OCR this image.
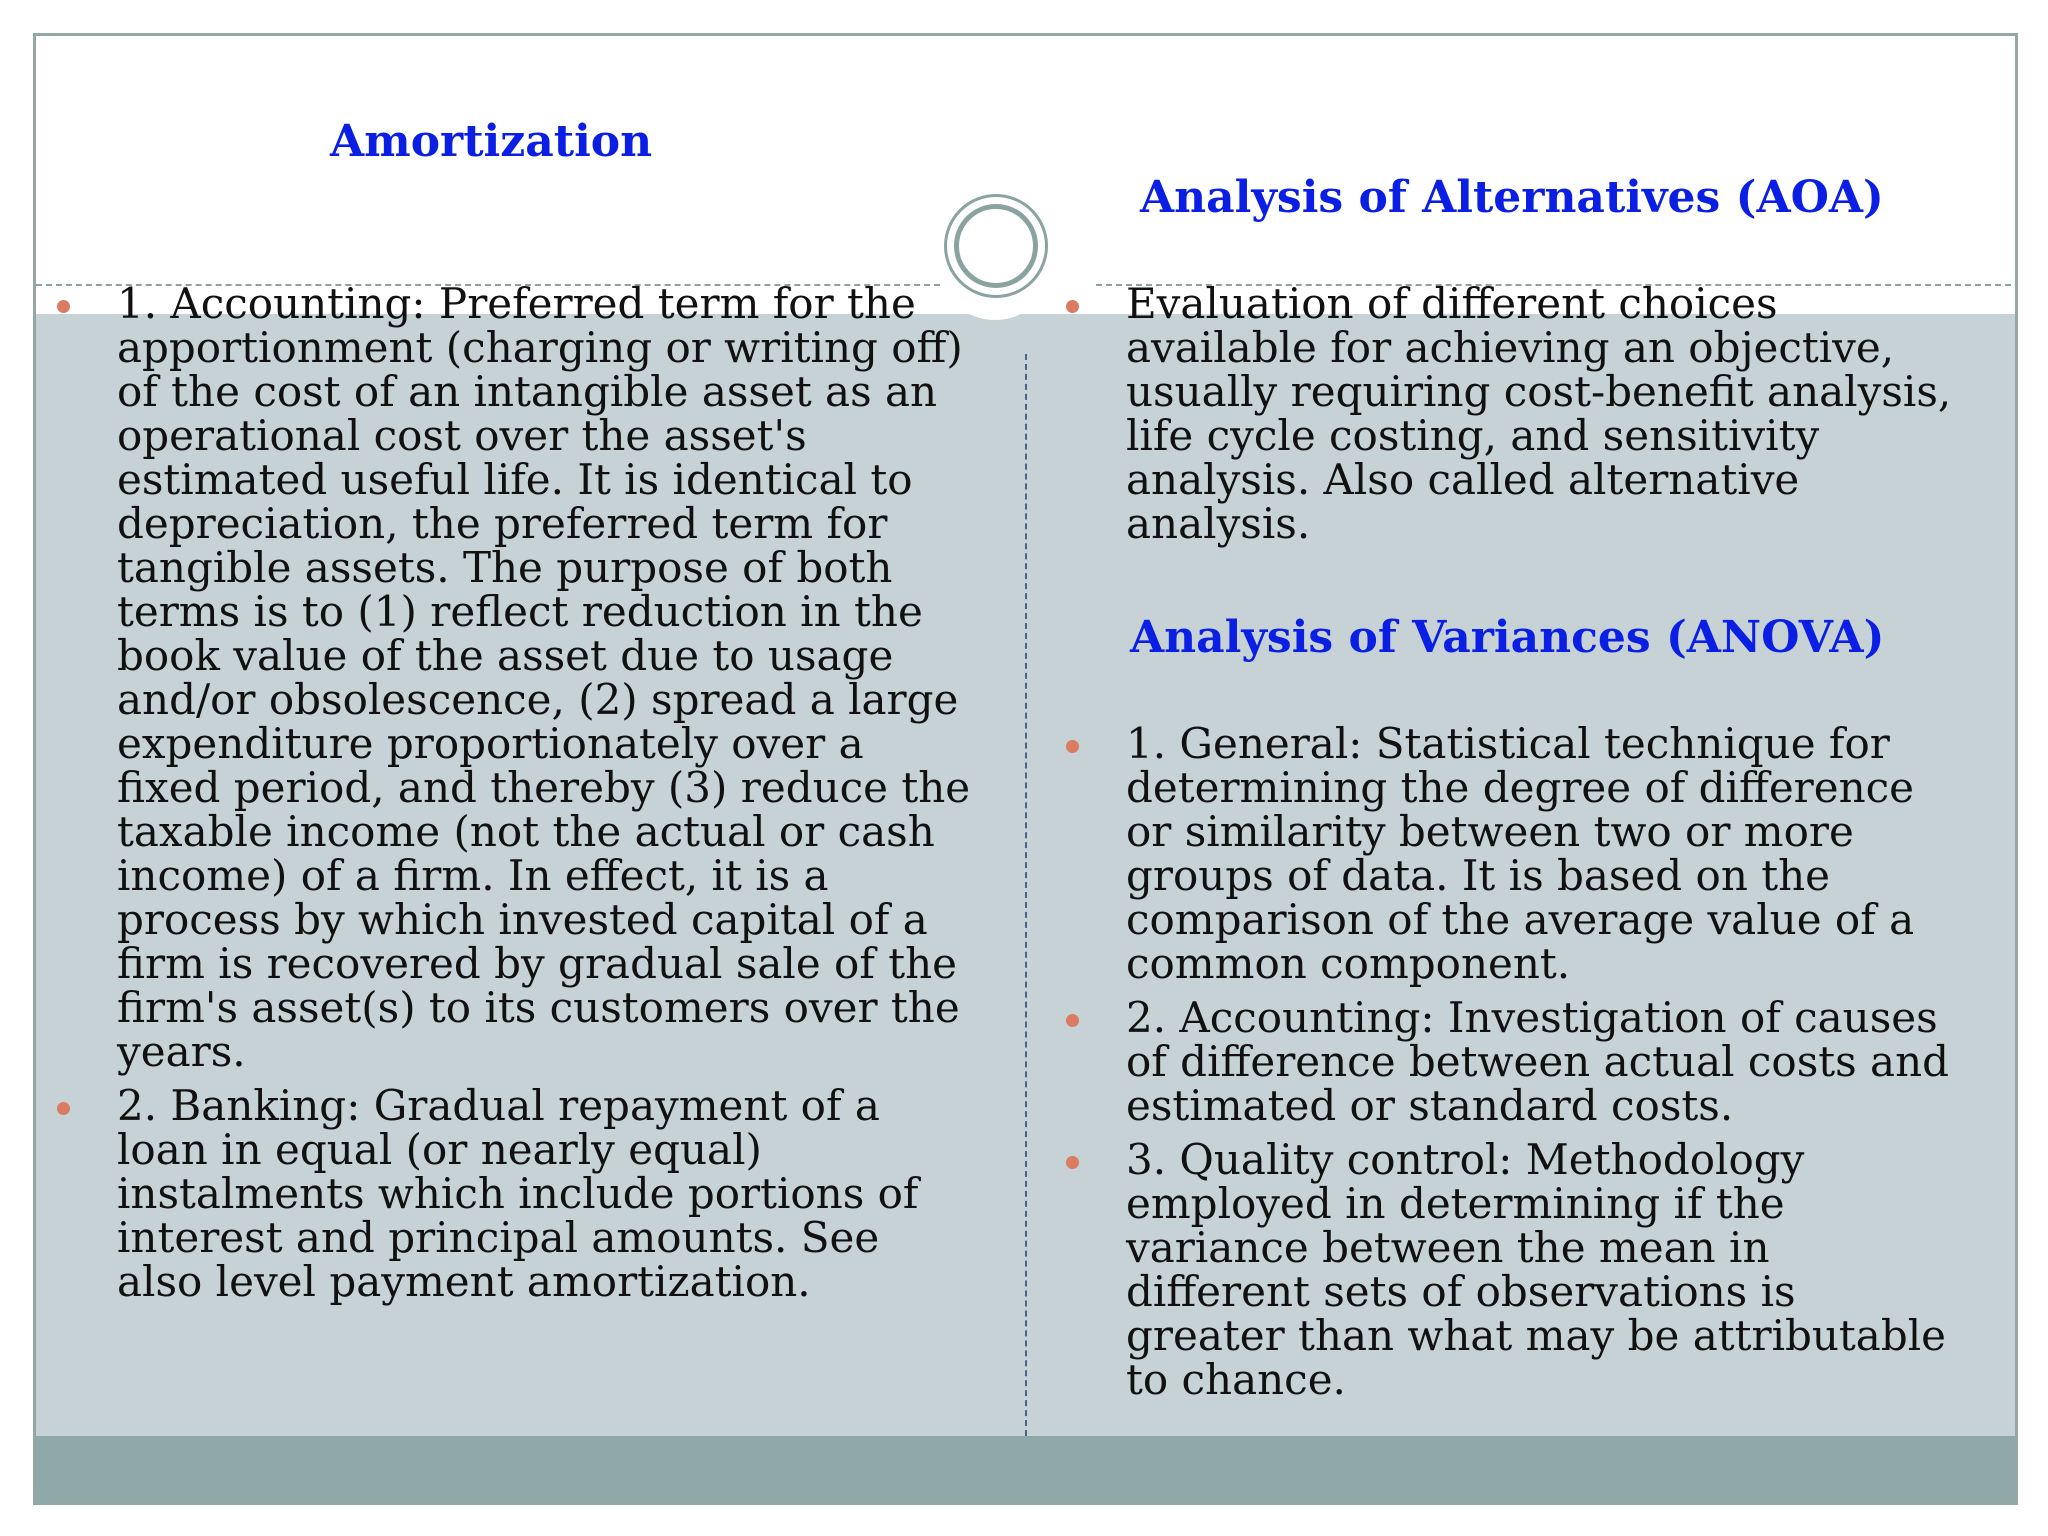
Amortization
Analysis of Alternatives (AOA)
Analysis of Variances (ANOVA)
1. Accounting: Preferred term for the apportionment (charging or writing off) of the cost of an intangible asset as an operational cost over the asset's estimated useful life. It is identical to depreciation, the preferred term for tangible assets. The purpose of both terms is to (1) reflect reduction in the book value of the asset due to usage and/or obsolescence, (2) spread a large expenditure proportionately over a fixed period, and thereby (3) reduce the taxable income (not the actual or cash income) of a firm. In effect, it is a process by which invested capital of a firm is recovered by gradual sale of the firm's asset(s) to its customers over the years.
2. Banking: Gradual repayment of a loan in equal (or nearly equal) instalments which include portions of interest and principal amounts. See also level payment amortization.
Evaluation of different choices available for achieving an objective, usually requiring cost-benefit analysis, life cycle costing, and sensitivity analysis. Also called alternative analysis.
1. General: Statistical technique for determining the degree of difference or similarity between two or more groups of data. It is based on the comparison of the average value of a common component.
2. Accounting: Investigation of causes of difference between actual costs and estimated or standard costs.
3. Quality control: Methodology employed in determining if the variance between the mean in different sets of observations is greater than what may be attributable to chance.
